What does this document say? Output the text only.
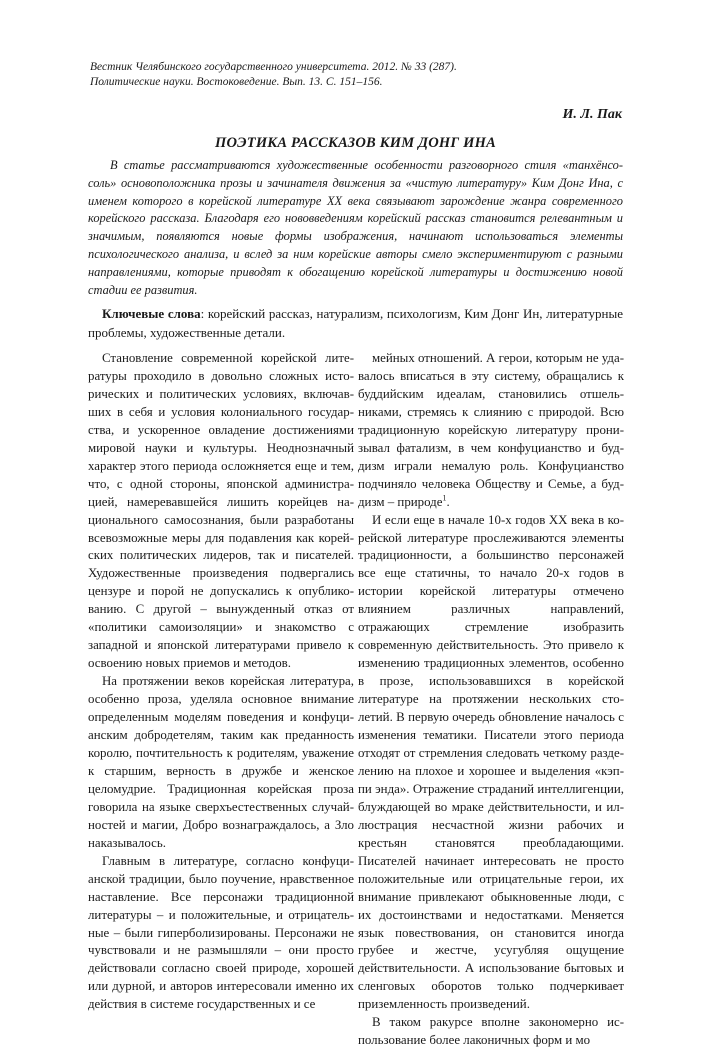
Вестник Челябинского государственного университета. 2012. № 33 (287).
Политические науки. Востоковедение. Вып. 13. С. 151–156.
И. Л. Пак
ПОЭТИКА РАССКАЗОВ КИМ ДОНГ ИНА

В статье рассматриваются художественные особенности разговорного стиля «танхёнсосоль» основоположника прозы и зачинателя движения за «чистую литературу» Ким Донг Ина, с именем которого в корейской литературе XX века связывают зарождение жанра современного корейского рассказа. Благодаря его нововведениям корейский рассказ становится релевантным и значимым, появляются новые формы изображения, начинают использоваться элементы психологического анализа, и вслед за ним корейские авторы смело экспериментируют с разными направлениями, которые приводят к обогащению корейской литературы и достижению новой стадии ее развития.

Ключевые слова: корейский рассказ, натурализм, психологизм, Ким Донг Ин, литературные проблемы, художественные детали.

Становление современной корейской литературы проходило в довольно сложных исторических и политических условиях, включавших в себя и условия колониального государства, и ускоренное овладение достижениями мировой науки и культуры. Неоднозначный характер этого периода осложняется еще и тем, что, с одной стороны, японской администрацией, намеревавшейся лишить корейцев национального самосознания, были разработаны всевозможные меры для подавления как корейских политических лидеров, так и писателей. Художественные произведения подвергались цензуре и порой не допускались к опубликованию. С другой – вынужденный отказ от «политики самоизоляции» и знакомство с западной и японской литературами привело к освоению новых приемов и методов.

На протяжении веков корейская литература, особенно проза, уделяла основное внимание определенным моделям поведения и конфуцианским добродетелям, таким как преданность королю, почтительность к родителям, уважение к старшим, верность в дружбе и женское целомудрие. Традиционная корейская проза говорила на языке сверхъестественных случайностей и магии, Добро вознаграждалось, а Зло наказывалось.

Главным в литературе, согласно конфуцианской традиции, было поучение, нравственное наставление. Все персонажи традиционной литературы – и положительные, и отрицательные – были гиперболизированы. Персонажи не чувствовали и не размышляли – они просто действовали согласно своей природе, хорошей или дурной, и авторов интересовали именно их действия в системе государственных и се

мейных отношений. А герои, которым не удавалось вписаться в эту систему, обращались к буддийским идеалам, становились отшельниками, стремясь к слиянию с природой. Всю традиционную корейскую литературу пронизывал фатализм, в чем конфуцианство и буддизм играли немалую роль. Конфуцианство подчиняло человека Обществу и Семье, а буддизм – природе$^1$.

И если еще в начале 10-х годов XX века в корейской литературе прослеживаются элементы традиционности, а большинство персонажей все еще статичны, то начало 20-х годов в истории корейской литературы отмечено влиянием различных направлений, отражающих стремление изобразить современную действительность. Это привело к изменению традиционных элементов, особенно в прозе, использовавшихся в корейской литературе на протяжении нескольких столетий. В первую очередь обновление началось с изменения тематики. Писатели этого периода отходят от стремления следовать четкому разделению на плохое и хорошее и выделения «кэппи энда». Отражение страданий интеллигенции, блуждающей во мраке действительности, и иллюстрация несчастной жизни рабочих и крестьян становятся преобладающими. Писателей начинает интересовать не просто положительные или отрицательные герои, их внимание привлекают обыкновенные люди, с их достоинствами и недостатками. Меняется язык повествования, он становится иногда грубее и жестче, усугубляя ощущение действительности. А использование бытовых и сленговых оборотов только подчеркивает приземленность произведений.

В таком ракурсе вполне закономерно использование более лаконичных форм и мо
